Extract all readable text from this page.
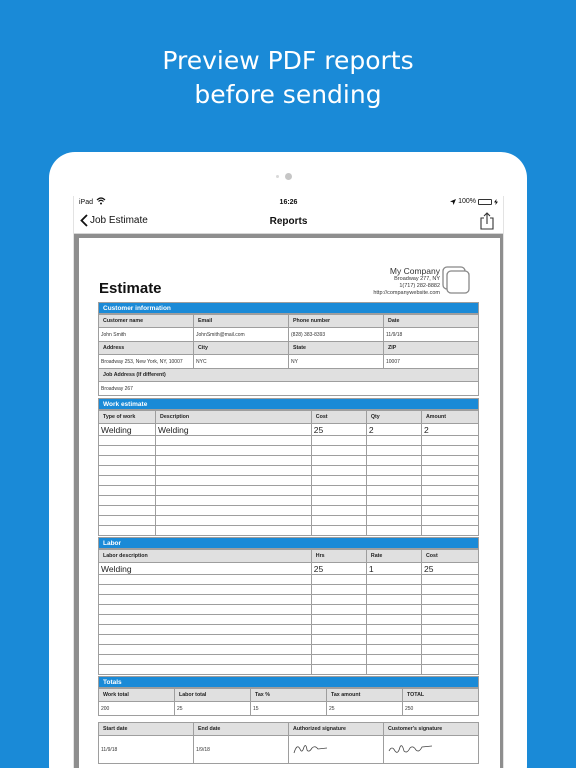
Preview PDF reports
before sending
iPad	16:26	100%
Job Estimate	Reports
My Company
Broadway 277, NY
1(717) 282-8882
http://companywebsite.com
Estimate
Customer information
Customer name	Email	Phone number	Date
John Smith	JohnSmith@mail.com	(828) 383-8393	11/9/18
Address	City	State	ZIP
Broadway 253, New York, NY, 10007	NYC	NY	10007
Job Address (If different)			
Broadway 267			
Work estimate
Type of work	Description	Cost	Qty	Amount
Welding	Welding	25	2	2

Labor
Labor description	Hrs	Rate	Cost
Welding	25	1	25

Totals
Work total	Labor total	Tax %	Tax amount	TOTAL
200	25	15	25	250
Start date	End date	Authorized signature	Customer's signature
11/9/18	1/9/18		
